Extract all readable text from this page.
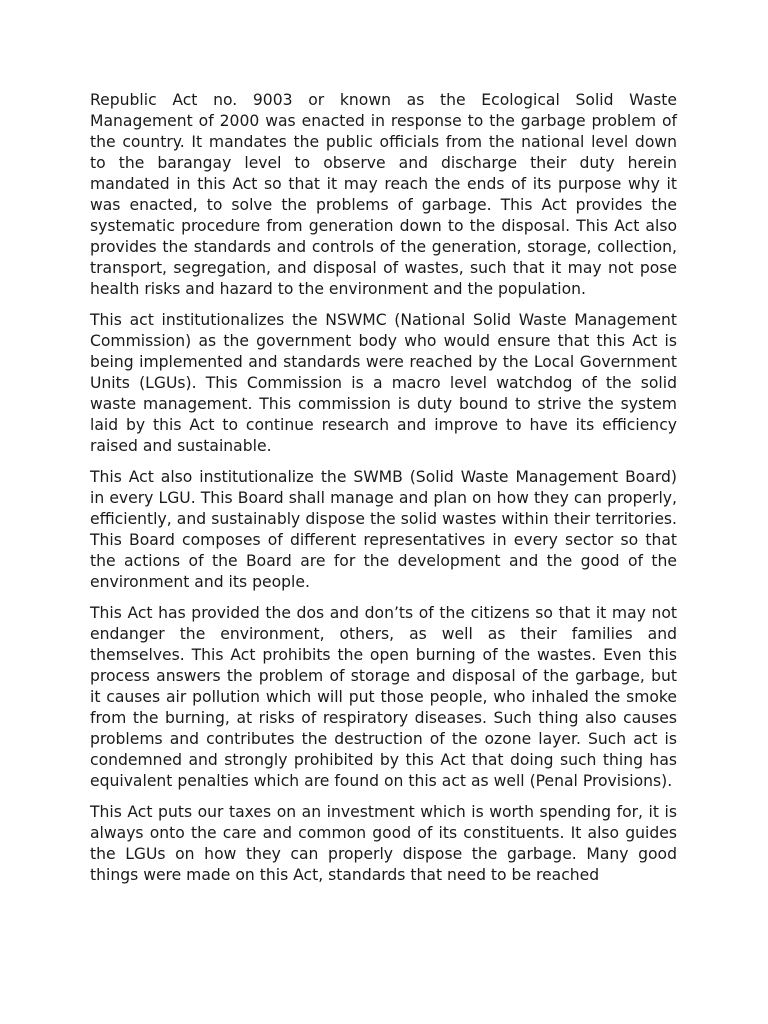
Republic Act no. 9003 or known as the Ecological Solid Waste Management of 2000 was enacted in response to the garbage problem of the country. It mandates the public officials from the national level down to the barangay level to observe and discharge their duty herein mandated in this Act so that it may reach the ends of its purpose why it was enacted, to solve the problems of garbage. This Act provides the systematic procedure from generation down to the disposal. This Act also provides the standards and controls of the generation, storage, collection, transport, segregation, and disposal of wastes, such that it may not pose health risks and hazard to the environment and the population.

This act institutionalizes the NSWMC (National Solid Waste Management Commission) as the government body who would ensure that this Act is being implemented and standards were reached by the Local Government Units (LGUs). This Commission is a macro level watchdog of the solid waste management. This commission is duty bound to strive the system laid by this Act to continue research and improve to have its efficiency raised and sustainable.

This Act also institutionalize the SWMB (Solid Waste Management Board) in every LGU. This Board shall manage and plan on how they can properly, efficiently, and sustainably dispose the solid wastes within their territories. This Board composes of different representatives in every sector so that the actions of the Board are for the development and the good of the environment and its people.

This Act has provided the dos and don’ts of the citizens so that it may not endanger the environment, others, as well as their families and themselves. This Act prohibits the open burning of the wastes. Even this process answers the problem of storage and disposal of the garbage, but it causes air pollution which will put those people, who inhaled the smoke from the burning, at risks of respiratory diseases. Such thing also causes problems and contributes the destruction of the ozone layer. Such act is condemned and strongly prohibited by this Act that doing such thing has equivalent penalties which are found on this act as well (Penal Provisions).

This Act puts our taxes on an investment which is worth spending for, it is always onto the care and common good of its constituents. It also guides the LGUs on how they can properly dispose the garbage. Many good things were made on this Act, standards that need to be reached
